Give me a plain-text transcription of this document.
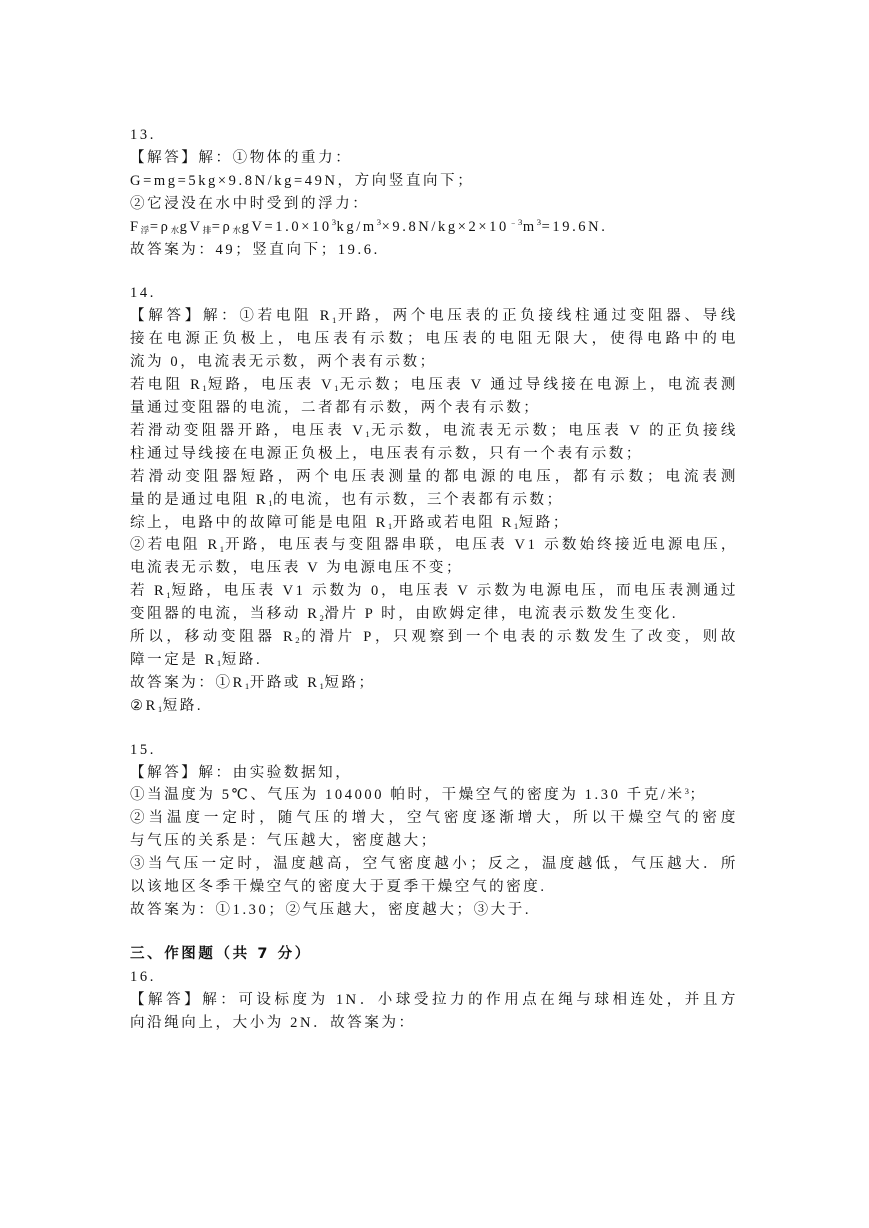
13.
【解答】解：①物体的重力：
G=mg=5kg×9.8N/kg=49N，方向竖直向下；
②它浸没在水中时受到的浮力：
F浮=ρ水gV排=ρ水$gV=1.0\times 10^3kg/m^3\times 9.8N/kg\times 2\times 10^{﹣3}m^3=19.6N$.
故答案为：49；竖直向下；19.6.
14.
【解答】解：①若电阻 R1开路，两个电压表的正负接线柱通过变阻器、导线
接在电源正负极上，电压表有示数；电压表的电阻无限大，使得电路中的电
流为 0，电流表无示数，两个表有示数；
若电阻 R1短路，电压表 V1无示数；电压表 V 通过导线接在电源上，电流表测
量通过变阻器的电流，二者都有示数，两个表有示数；
若滑动变阻器开路，电压表 V1无示数，电流表无示数；电压表 V 的正负接线
柱通过导线接在电源正负极上，电压表有示数，只有一个表有示数；
若滑动变阻器短路，两个电压表测量的都电源的电压，都有示数；电流表测
量的是通过电阻 R1的电流，也有示数，三个表都有示数；
综上，电路中的故障可能是电阻 R1开路或若电阻 R1短路；
②若电阻 R1开路，电压表与变阻器串联，电压表 V1 示数始终接近电源电压，
电流表无示数，电压表 V 为电源电压不变；
若 R1短路，电压表 V1 示数为 0，电压表 V 示数为电源电压，而电压表测通过
变阻器的电流，当移动 R2滑片 P 时，由欧姆定律，电流表示数发生变化.
所以，移动变阻器 R2的滑片 P，只观察到一个电表的示数发生了改变，则故
障一定是 R1短路.
故答案为：①R1开路或 R1短路；
②R1短路.
15.
【解答】解：由实验数据知，
①当温度为 5℃、气压为 104000 帕时，干燥空气的密度为 1.30 千克/米$^3$；
②当温度一定时，随气压的增大，空气密度逐渐增大，所以干燥空气的密度
与气压的关系是：气压越大，密度越大；
③当气压一定时，温度越高，空气密度越小；反之，温度越低，气压越大．所
以该地区冬季干燥空气的密度大于夏季干燥空气的密度.
故答案为：①1.30；②气压越大，密度越大；③大于.
三、作图题（共 7 分）
16.
【解答】解：可设标度为 1N．小球受拉力的作用点在绳与球相连处，并且方
向沿绳向上，大小为 2N．故答案为：
